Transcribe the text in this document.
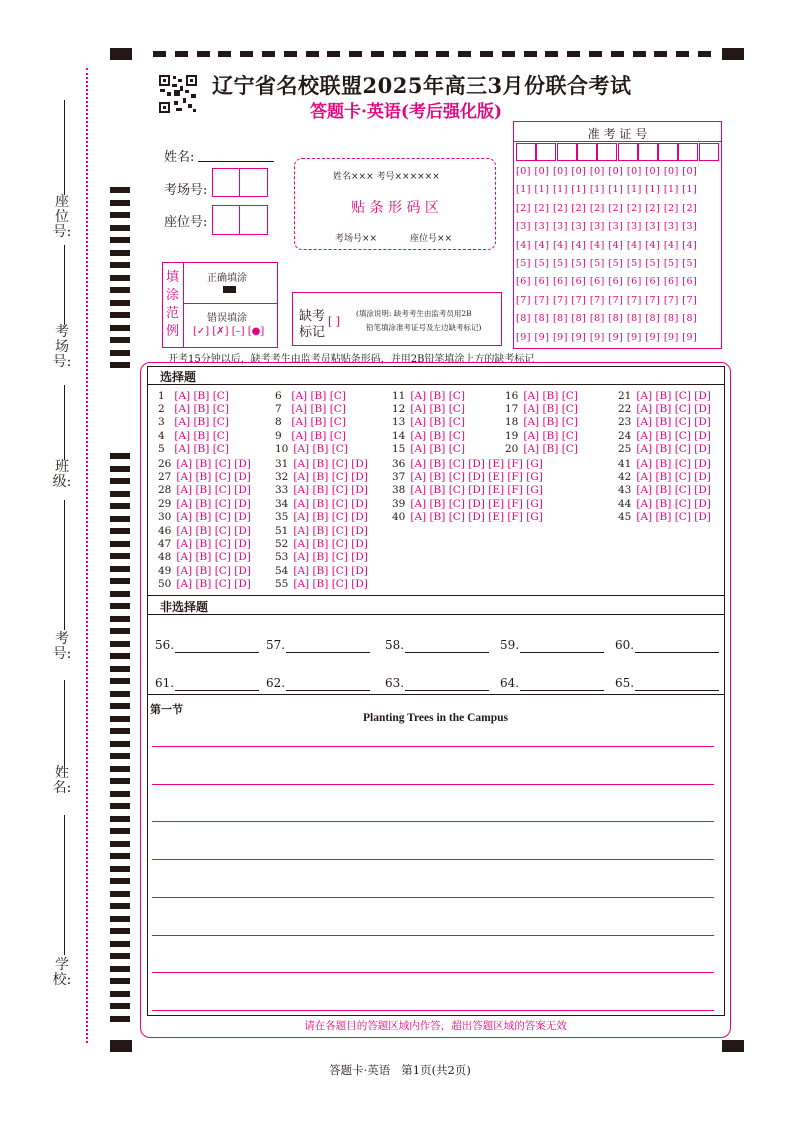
座位号:
考场号:
班级:
考号:
姓名:
学校:
辽宁省名校联盟2025年高三3月份联合考试
答题卡·英语(考后强化版)
姓名:
考场号:
座位号:
姓名××× 考号××××××
贴 条 形 码 区
考场号××	座位号××
准 考 证 号
[0] [0] [0] [0] [0] [0] [0] [0] [0] [0]
[1] [1] [1] [1] [1] [1] [1] [1] [1] [1]
[2] [2] [2] [2] [2] [2] [2] [2] [2] [2]
[3] [3] [3] [3] [3] [3] [3] [3] [3] [3]
[4] [4] [4] [4] [4] [4] [4] [4] [4] [4]
[5] [5] [5] [5] [5] [5] [5] [5] [5] [5]
[6] [6] [6] [6] [6] [6] [6] [6] [6] [6]
[7] [7] [7] [7] [7] [7] [7] [7] [7] [7]
[8] [8] [8] [8] [8] [8] [8] [8] [8] [8]
[9] [9] [9] [9] [9] [9] [9] [9] [9] [9]
填涂范例
正确填涂
错误填涂
[✓] [✗] [–] [●]
缺考
标记
[ ]
(填涂说明: 缺考考生由监考员用2B
铅笔填涂准考证号及左边缺考标记)
开考15分钟以后，缺考考生由监考员粘贴条形码，并用2B铅笔填涂上方的缺考标记
选择题
1 [A] [B] [C]
2 [A] [B] [C]
3 [A] [B] [C]
4 [A] [B] [C]
5 [A] [B] [C]
6 [A] [B] [C]
7 [A] [B] [C]
8 [A] [B] [C]
9 [A] [B] [C]
10 [A] [B] [C]
11 [A] [B] [C]
12 [A] [B] [C]
13 [A] [B] [C]
14 [A] [B] [C]
15 [A] [B] [C]
16 [A] [B] [C]
17 [A] [B] [C]
18 [A] [B] [C]
19 [A] [B] [C]
20 [A] [B] [C]
21 [A] [B] [C] [D]
22 [A] [B] [C] [D]
23 [A] [B] [C] [D]
24 [A] [B] [C] [D]
25 [A] [B] [C] [D]
26 [A] [B] [C] [D]
27 [A] [B] [C] [D]
28 [A] [B] [C] [D]
29 [A] [B] [C] [D]
30 [A] [B] [C] [D]
31 [A] [B] [C] [D]
32 [A] [B] [C] [D]
33 [A] [B] [C] [D]
34 [A] [B] [C] [D]
35 [A] [B] [C] [D]
36 [A] [B] [C] [D] [E] [F] [G]
37 [A] [B] [C] [D] [E] [F] [G]
38 [A] [B] [C] [D] [E] [F] [G]
39 [A] [B] [C] [D] [E] [F] [G]
40 [A] [B] [C] [D] [E] [F] [G]
41 [A] [B] [C] [D]
42 [A] [B] [C] [D]
43 [A] [B] [C] [D]
44 [A] [B] [C] [D]
45 [A] [B] [C] [D]
46 [A] [B] [C] [D]
47 [A] [B] [C] [D]
48 [A] [B] [C] [D]
49 [A] [B] [C] [D]
50 [A] [B] [C] [D]
51 [A] [B] [C] [D]
52 [A] [B] [C] [D]
53 [A] [B] [C] [D]
54 [A] [B] [C] [D]
55 [A] [B] [C] [D]
非选择题
56.	57.	58.	59.	60.
61.	62.	63.	64.	65.
第一节
Planting Trees in the Campus
请在各题目的答题区域内作答，超出答题区域的答案无效
答题卡·英语   第1页(共2页)
